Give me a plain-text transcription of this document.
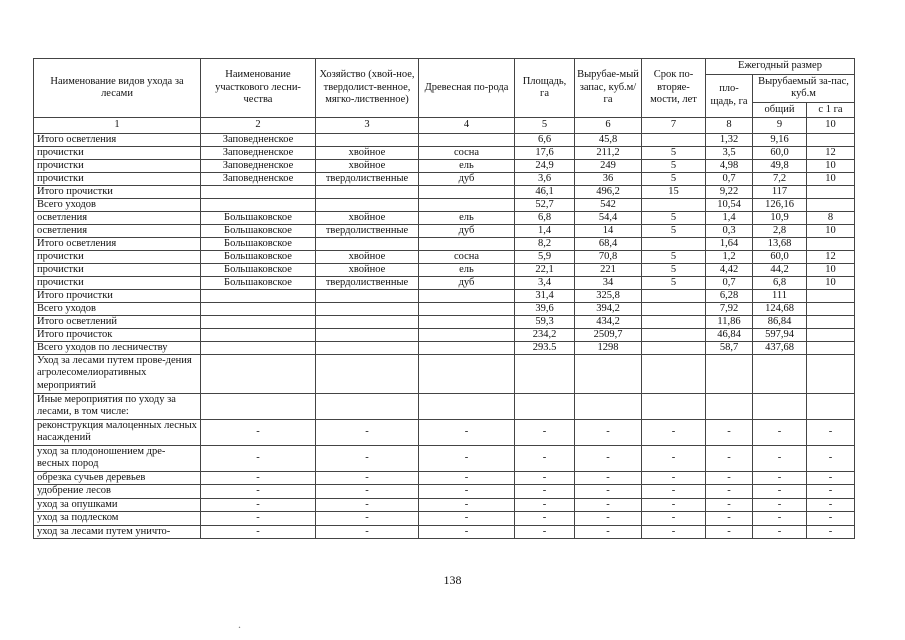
Наименование видов ухода за лесами	Наименование участкового лесни-чества	Хозяйство (хвой-ное, твердолист-венное, мягко-лиственное)	Древесная по-рода	Площадь, га	Вырубае-мый запас, куб.м/га	Срок по-вторяе-мости, лет	Ежегодный размер		
							пло-щадь, га	Вырубаемый за-пас, куб.м	
								общий	с 1 га
1	2	3	4	5	6	7	8	9	10
Итого осветления	Заповедненское			6,6	45,8		1,32	9,16	
прочистки	Заповедненское	хвойное	сосна	17,6	211,2	5	3,5	60,0	12
прочистки	Заповедненское	хвойное	ель	24,9	249	5	4,98	49,8	10
прочистки	Заповедненское	твердолиственные	дуб	3,6	36	5	0,7	7,2	10
Итого прочистки				46,1	496,2	15	9,22	117	
Всего уходов				52,7	542		10,54	126,16	
осветления	Большаковское	хвойное	ель	6,8	54,4	5	1,4	10,9	8
осветления	Большаковское	твердолиственные	дуб	1,4	14	5	0,3	2,8	10
Итого осветления	Большаковское			8,2	68,4		1,64	13,68	
прочистки	Большаковское	хвойное	сосна	5,9	70,8	5	1,2	60,0	12
прочистки	Большаковское	хвойное	ель	22,1	221	5	4,42	44,2	10
прочистки	Большаковское	твердолиственные	дуб	3,4	34	5	0,7	6,8	10
Итого прочистки				31,4	325,8		6,28	111	
Всего уходов				39,6	394,2		7,92	124,68	
Итого осветлений				59,3	434,2		11,86	86,84	
Итого прочисток				234,2	2509,7		46,84	597,94	
Всего уходов по лесничеству				293.5	1298		58,7	437,68	
Уход за лесами путем прове-дения агролесомелиоративных мероприятий									
Иные мероприятия по уходу за лесами, в том числе:									
реконструкция малоценных лесных насаждений	-	-	-	-	-	-	-	-	-
уход за плодоношением дре-весных пород	-	-	-	-	-	-	-	-	-
обрезка сучьев деревьев	-	-	-	-	-	-	-	-	-
удобрение лесов	-	-	-	-	-	-	-	-	-
уход за опушками	-	-	-	-	-	-	-	-	-
уход за подлеском	-	-	-	-	-	-	-	-	-
уход за лесами путем уничто-	-	-	-	-	-	-	-	-	-
138
.
